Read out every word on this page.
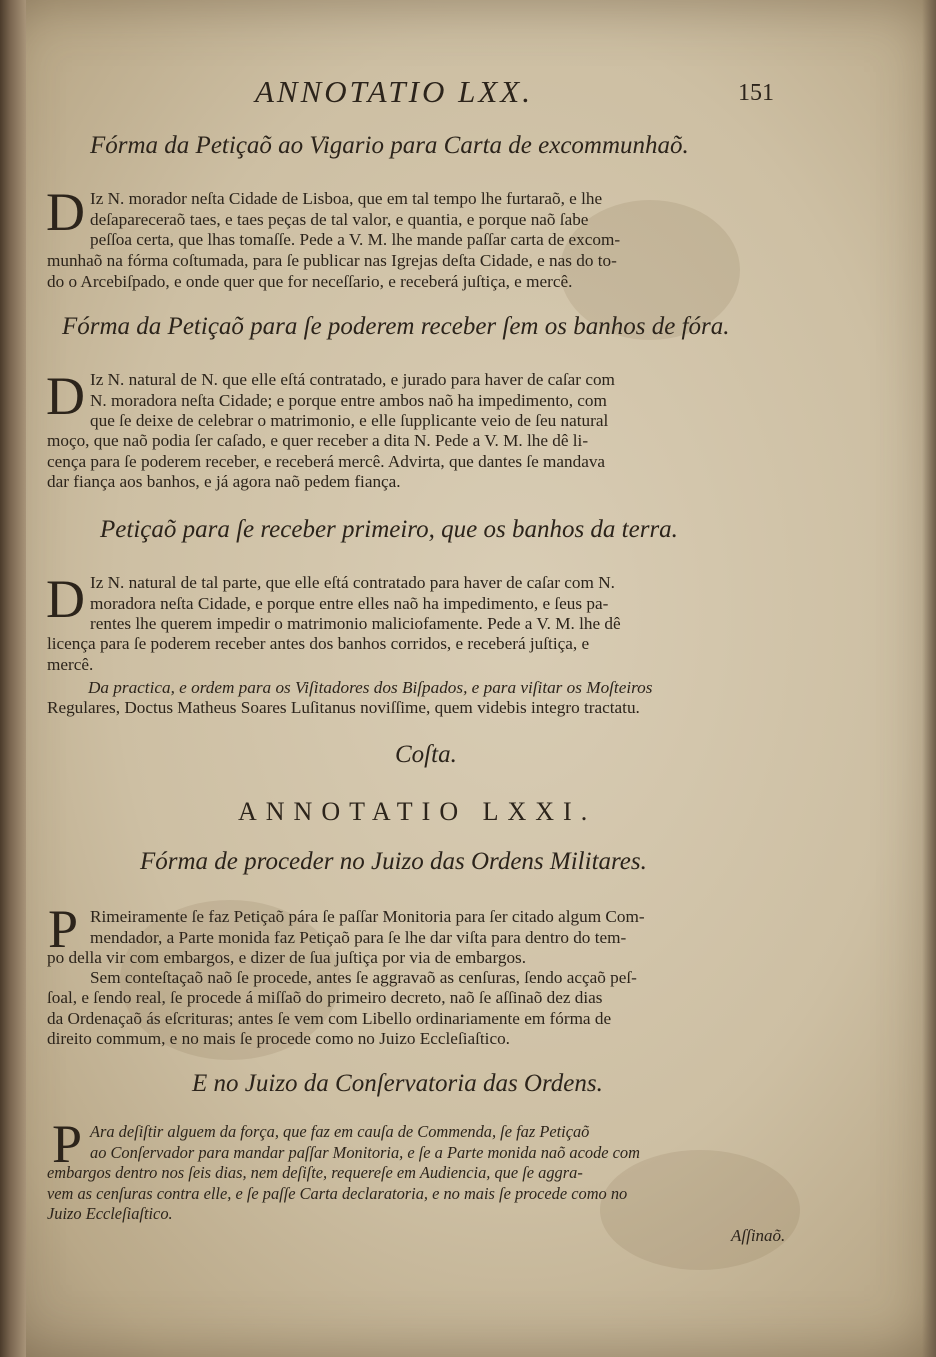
ANNOTATIO LXX.	151
Fórma da Petiçaõ ao Vigario para Carta de excommunhaõ.
D Iz N. morador neſta Cidade de Lisboa, que em tal tempo lhe furtaraõ, e lhe
deſapareceraõ taes, e taes peças de tal valor, e quantia, e porque naõ ſabe
peſſoa certa, que lhas tomaſſe. Pede a V. M. lhe mande paſſar carta de excom-
munhaõ na fórma coſtumada, para ſe publicar nas Igrejas deſta Cidade, e nas do to-
do o Arcebiſpado, e onde quer que for neceſſario, e receberá juſtiça, e mercê.
Fórma da Petiçaõ para ſe poderem receber ſem os banhos de fóra.
D Iz N. natural de N. que elle eſtá contratado, e jurado para haver de caſar com
N. moradora neſta Cidade; e porque entre ambos naõ ha impedimento, com
que ſe deixe de celebrar o matrimonio, e elle ſupplicante veio de ſeu natural
moço, que naõ podia ſer caſado, e quer receber a dita N. Pede a V. M. lhe dê li-
cença para ſe poderem receber, e receberá mercê. Advirta, que dantes ſe mandava
dar fiança aos banhos, e já agora naõ pedem fiança.
Petiçaõ para ſe receber primeiro, que os banhos da terra.
D Iz N. natural de tal parte, que elle eſtá contratado para haver de caſar com N.
moradora neſta Cidade, e porque entre elles naõ ha impedimento, e ſeus pa-
rentes lhe querem impedir o matrimonio maliciofamente. Pede a V. M. lhe dê
licença para ſe poderem receber antes dos banhos corridos, e receberá juſtiça, e
mercê.
Da practica, e ordem para os Viſitadores dos Biſpados, e para viſitar os Moſteiros
Regulares, Doctus Matheus Soares Luſitanus noviſſime, quem videbis integro tractatu.
Coſta.
ANNOTATIO LXXI.
Fórma de proceder no Juizo das Ordens Militares.
P Rimeiramente ſe faz Petiçaõ pára ſe paſſar Monitoria para ſer citado algum Com-
mendador, a Parte monida faz Petiçaõ para ſe lhe dar viſta para dentro do tem-
po della vir com embargos, e dizer de ſua juſtiça por via de embargos.
Sem conteſtaçaõ naõ ſe procede, antes ſe aggravaõ as cenſuras, ſendo acçaõ peſ-
ſoal, e ſendo real, ſe procede á miſſaõ do primeiro decreto, naõ ſe aſſinaõ dez dias
da Ordenaçaõ ás eſcrituras; antes ſe vem com Libello ordinariamente em fórma de
direito commum, e no mais ſe procede como no Juizo Eccleſiaſtico.
E no Juizo da Conſervatoria das Ordens.
P Ara deſiſtir alguem da força, que faz em cauſa de Commenda, ſe faz Petiçaõ
ao Conſervador para mandar paſſar Monitoria, e ſe a Parte monida naõ acode com
embargos dentro nos ſeis dias, nem deſiſte, requereſe em Audiencia, que ſe aggra-
vem as cenſuras contra elle, e ſe paſſe Carta declaratoria, e no mais ſe procede como no
Juizo Eccleſiaſtico.
Aſſinaõ.
